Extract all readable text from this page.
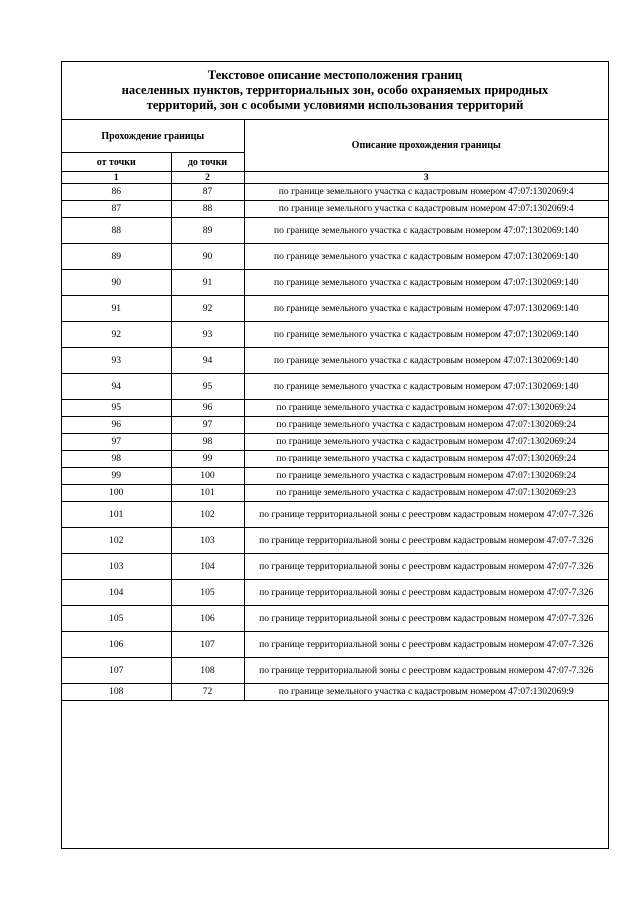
Текстовое описание местоположения границ
населенных пунктов, территориальных зон, особо охраняемых природных
территорий, зон с особыми условиями использования территорий
Прохождение границы		Описание прохождения границы
от точки	до точки	
1	2	3
86	87	по границе земельного участка с кадастровым номером 47:07:1302069:4
87	88	по границе земельного участка с кадастровым номером 47:07:1302069:4
88	89	по границе земельного участка с кадастровым номером 47:07:1302069:140
89	90	по границе земельного участка с кадастровым номером 47:07:1302069:140
90	91	по границе земельного участка с кадастровым номером 47:07:1302069:140
91	92	по границе земельного участка с кадастровым номером 47:07:1302069:140
92	93	по границе земельного участка с кадастровым номером 47:07:1302069:140
93	94	по границе земельного участка с кадастровым номером 47:07:1302069:140
94	95	по границе земельного участка с кадастровым номером 47:07:1302069:140
95	96	по границе земельного участка с кадастровым номером 47:07:1302069:24
96	97	по границе земельного участка с кадастровым номером 47:07:1302069:24
97	98	по границе земельного участка с кадастровым номером 47:07:1302069:24
98	99	по границе земельного участка с кадастровым номером 47:07:1302069:24
99	100	по границе земельного участка с кадастровым номером 47:07:1302069:24
100	101	по границе земельного участка с кадастровым номером 47:07:1302069:23
101	102	по границе территориальной зоны с реестровм кадастровым номером 47:07-7.326
102	103	по границе территориальной зоны с реестровм кадастровым номером 47:07-7.326
103	104	по границе территориальной зоны с реестровм кадастровым номером 47:07-7.326
104	105	по границе территориальной зоны с реестровм кадастровым номером 47:07-7.326
105	106	по границе территориальной зоны с реестровм кадастровым номером 47:07-7.326
106	107	по границе территориальной зоны с реестровм кадастровым номером 47:07-7.326
107	108	по границе территориальной зоны с реестровм кадастровым номером 47:07-7.326
108	72	по границе земельного участка с кадастровым номером 47:07:1302069:9
